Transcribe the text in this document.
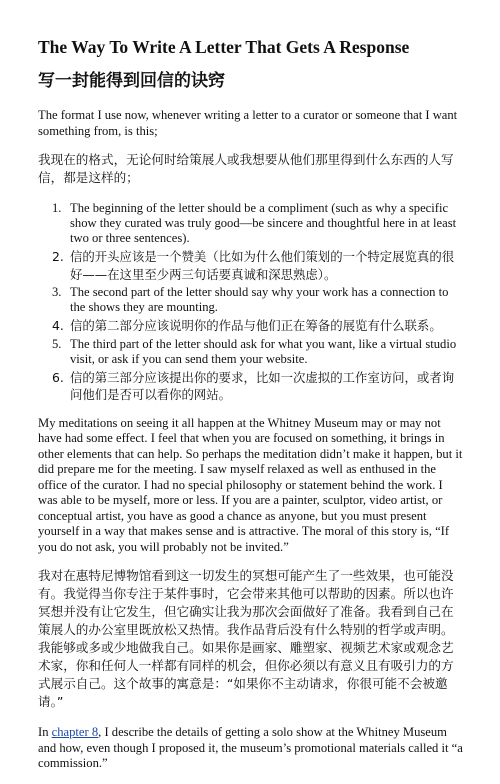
The Way To Write A Letter That Gets A Response
写一封能得到回信的诀窍

The format I use now, whenever writing a letter to a curator or someone that I want something from, is this;

我现在的格式，无论何时给策展人或我想要从他们那里得到什么东西的人写信，都是这样的；

1. The beginning of the letter should be a compliment (such as why a specific show they curated was truly good—be sincere and thoughtful here in at least two or three sentences).
2. 信的开头应该是一个赞美（比如为什么他们策划的一个特定展览真的很好——在这里至少两三句话要真诚和深思熟虑）。
3. The second part of the letter should say why your work has a connection to the shows they are mounting.
4. 信的第二部分应该说明你的作品与他们正在筹备的展览有什么联系。
5. The third part of the letter should ask for what you want, like a virtual studio visit, or ask if you can send them your website.
6. 信的第三部分应该提出你的要求，比如一次虚拟的工作室访问，或者询问他们是否可以看你的网站。

My meditations on seeing it all happen at the Whitney Museum may or may not have had some effect. I feel that when you are focused on something, it brings in other elements that can help. So perhaps the meditation didn’t make it happen, but it did prepare me for the meeting. I saw myself relaxed as well as enthused in the office of the curator. I had no special philosophy or statement behind the work. I was able to be myself, more or less. If you are a painter, sculptor, video artist, or conceptual artist, you have as good a chance as anyone, but you must present yourself in a way that makes sense and is attractive. The moral of this story is, “If you do not ask, you will probably not be invited.”

我对在惠特尼博物馆看到这一切发生的冥想可能产生了一些效果，也可能没有。我觉得当你专注于某件事时，它会带来其他可以帮助的因素。所以也许冥想并没有让它发生，但它确实让我为那次会面做好了准备。我看到自己在策展人的办公室里既放松又热情。我作品背后没有什么特别的哲学或声明。我能够或多或少地做我自己。如果你是画家、雕塑家、视频艺术家或观念艺术家，你和任何人一样都有同样的机会，但你必须以有意义且有吸引力的方式展示自己。这个故事的寓意是：“如果你不主动请求，你很可能不会被邀请。”

In chapter 8, I describe the details of getting a solo show at the Whitney Museum and how, even though I proposed it, the museum’s promotional materials called it “a commission.”
